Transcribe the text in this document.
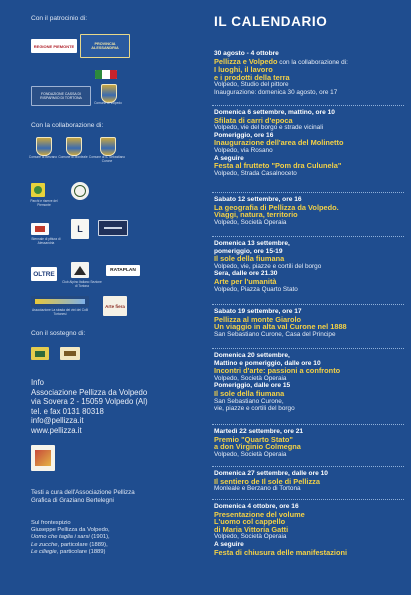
Con il patrocinio di:
REGIONE PIEMONTE	PROVINCIA ALESSANDRIA
FONDAZIONE CASSA DI RISPARMIO DI TORTONA
Comune di Volpedo
Con la collaborazione di:
Comune di Berzano Comune di Monleale Comune di S. Sebastiano Curone
Parchi e riserve del Piemonte
Biennale di pittura di Alessandria
L
OLTRE
Club Alpino Italiano Sezione di Tortona
RATAPLAN
Associazione La strada dei vini dei Colli Tortonesi
Arte fiera
Con il sostegno di:
Info
Associazione Pellizza da Volpedo
via Sovera 2 - 15059 Volpedo (Al)
tel. e fax 0131 80318
info@pellizza.it
www.pellizza.it
Testi a cura dell'Associazione Pellizza
Grafica di Graziano Bertelegni
Sul frontespizio
Giuseppe Pellizza da Volpedo,
Uomo che taglia i sarsi (1901),
Le zucche, particolare (1889),
Le ciliegie, particolare (1889)
IL CALENDARIO
30 agosto - 4 ottobre
Pellizza e Volpedo con la collaborazione di:
I luoghi, il lavoro
e i prodotti della terra
Volpedo, Studio del pittore
Inaugurazione: domenica 30 agosto, ore 17
Domenica 6 settembre, mattino, ore 10
Sfilata di carri d'epoca
Volpedo, vie del borgo e strade vicinali
Pomeriggio, ore 16
Inaugurazione dell'area del Molinetto
Volpedo, via Rosano
A seguire
Festa al frutteto "Pom dra Culunela"
Volpedo, Strada Casalnoceto
Sabato 12 settembre, ore 16
La geografia di Pellizza da Volpedo.
Viaggi, natura, territorio
Volpedo, Società Operaia
Domenica 13 settembre,
pomeriggio, ore 15-19
Il sole della fiumana
Volpedo, vie, piazze e cortili del borgo
Sera, dalle ore 21.30
Arte per l'umanità
Volpedo, Piazza Quarto Stato
Sabato 19 settembre, ore 17
Pellizza al monte Giarolo
Un viaggio in alta val Curone nel 1888
San Sebastiano Curone, Casa del Principe
Domenica 20 settembre,
Mattino e pomeriggio, dalle ore 10
Incontri d'arte: passioni a confronto
Volpedo, Società Operaia
Pomeriggio, dalle ore 15
Il sole della fiumana
San Sebastiano Curone,
vie, piazze e cortili del borgo
Martedì 22 settembre, ore 21
Premio "Quarto Stato"
a don Virginio Colmegna
Volpedo, Società Operaia
Domenica 27 settembre, dalle ore 10
Il sentiero de Il sole di Pellizza
Monleale e Berzano di Tortona
Domenica 4 ottobre, ore 16
Presentazione del volume
L'uomo col cappello
di Maria Vittoria Gatti
Volpedo, Società Operaia
A seguire
Festa di chiusura delle manifestazioni
